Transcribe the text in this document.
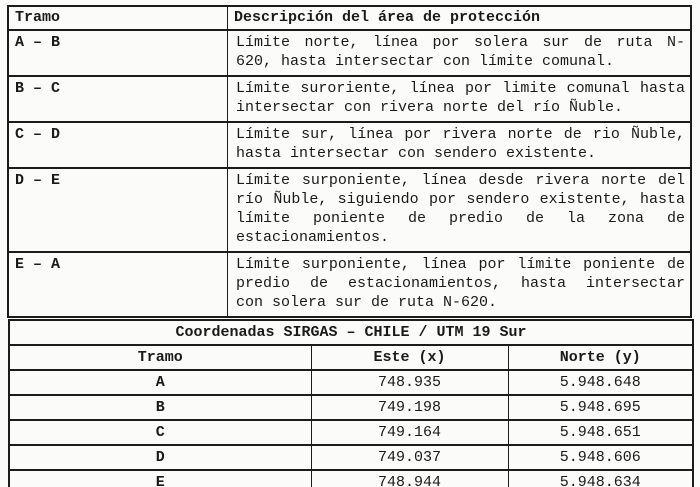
Tramo	Descripción del área de protección
A – B	Límite norte, línea por solera sur de ruta N-
620, hasta intersectar con límite comunal.

B – C	Límite suroriente, línea por limite comunal hasta
intersectar con rivera norte del río Ñuble.

C – D	Límite sur, línea por rivera norte de rio Ñuble,
hasta intersectar con sendero existente.

D – E	Límite surponiente, línea desde rivera norte del
río Ñuble, siguiendo por sendero existente, hasta
límite poniente de predio de la zona de
estacionamientos.

E – A	Límite surponiente, línea por límite poniente de
predio de estacionamientos, hasta intersectar
con solera sur de ruta N-620.
Coordenadas SIRGAS – CHILE / UTM 19 Sur		
Tramo	Este (x)	Norte (y)
A	748.935	5.948.648
B	749.198	5.948.695
C	749.164	5.948.651
D	749.037	5.948.606
E	748.944	5.948.634
